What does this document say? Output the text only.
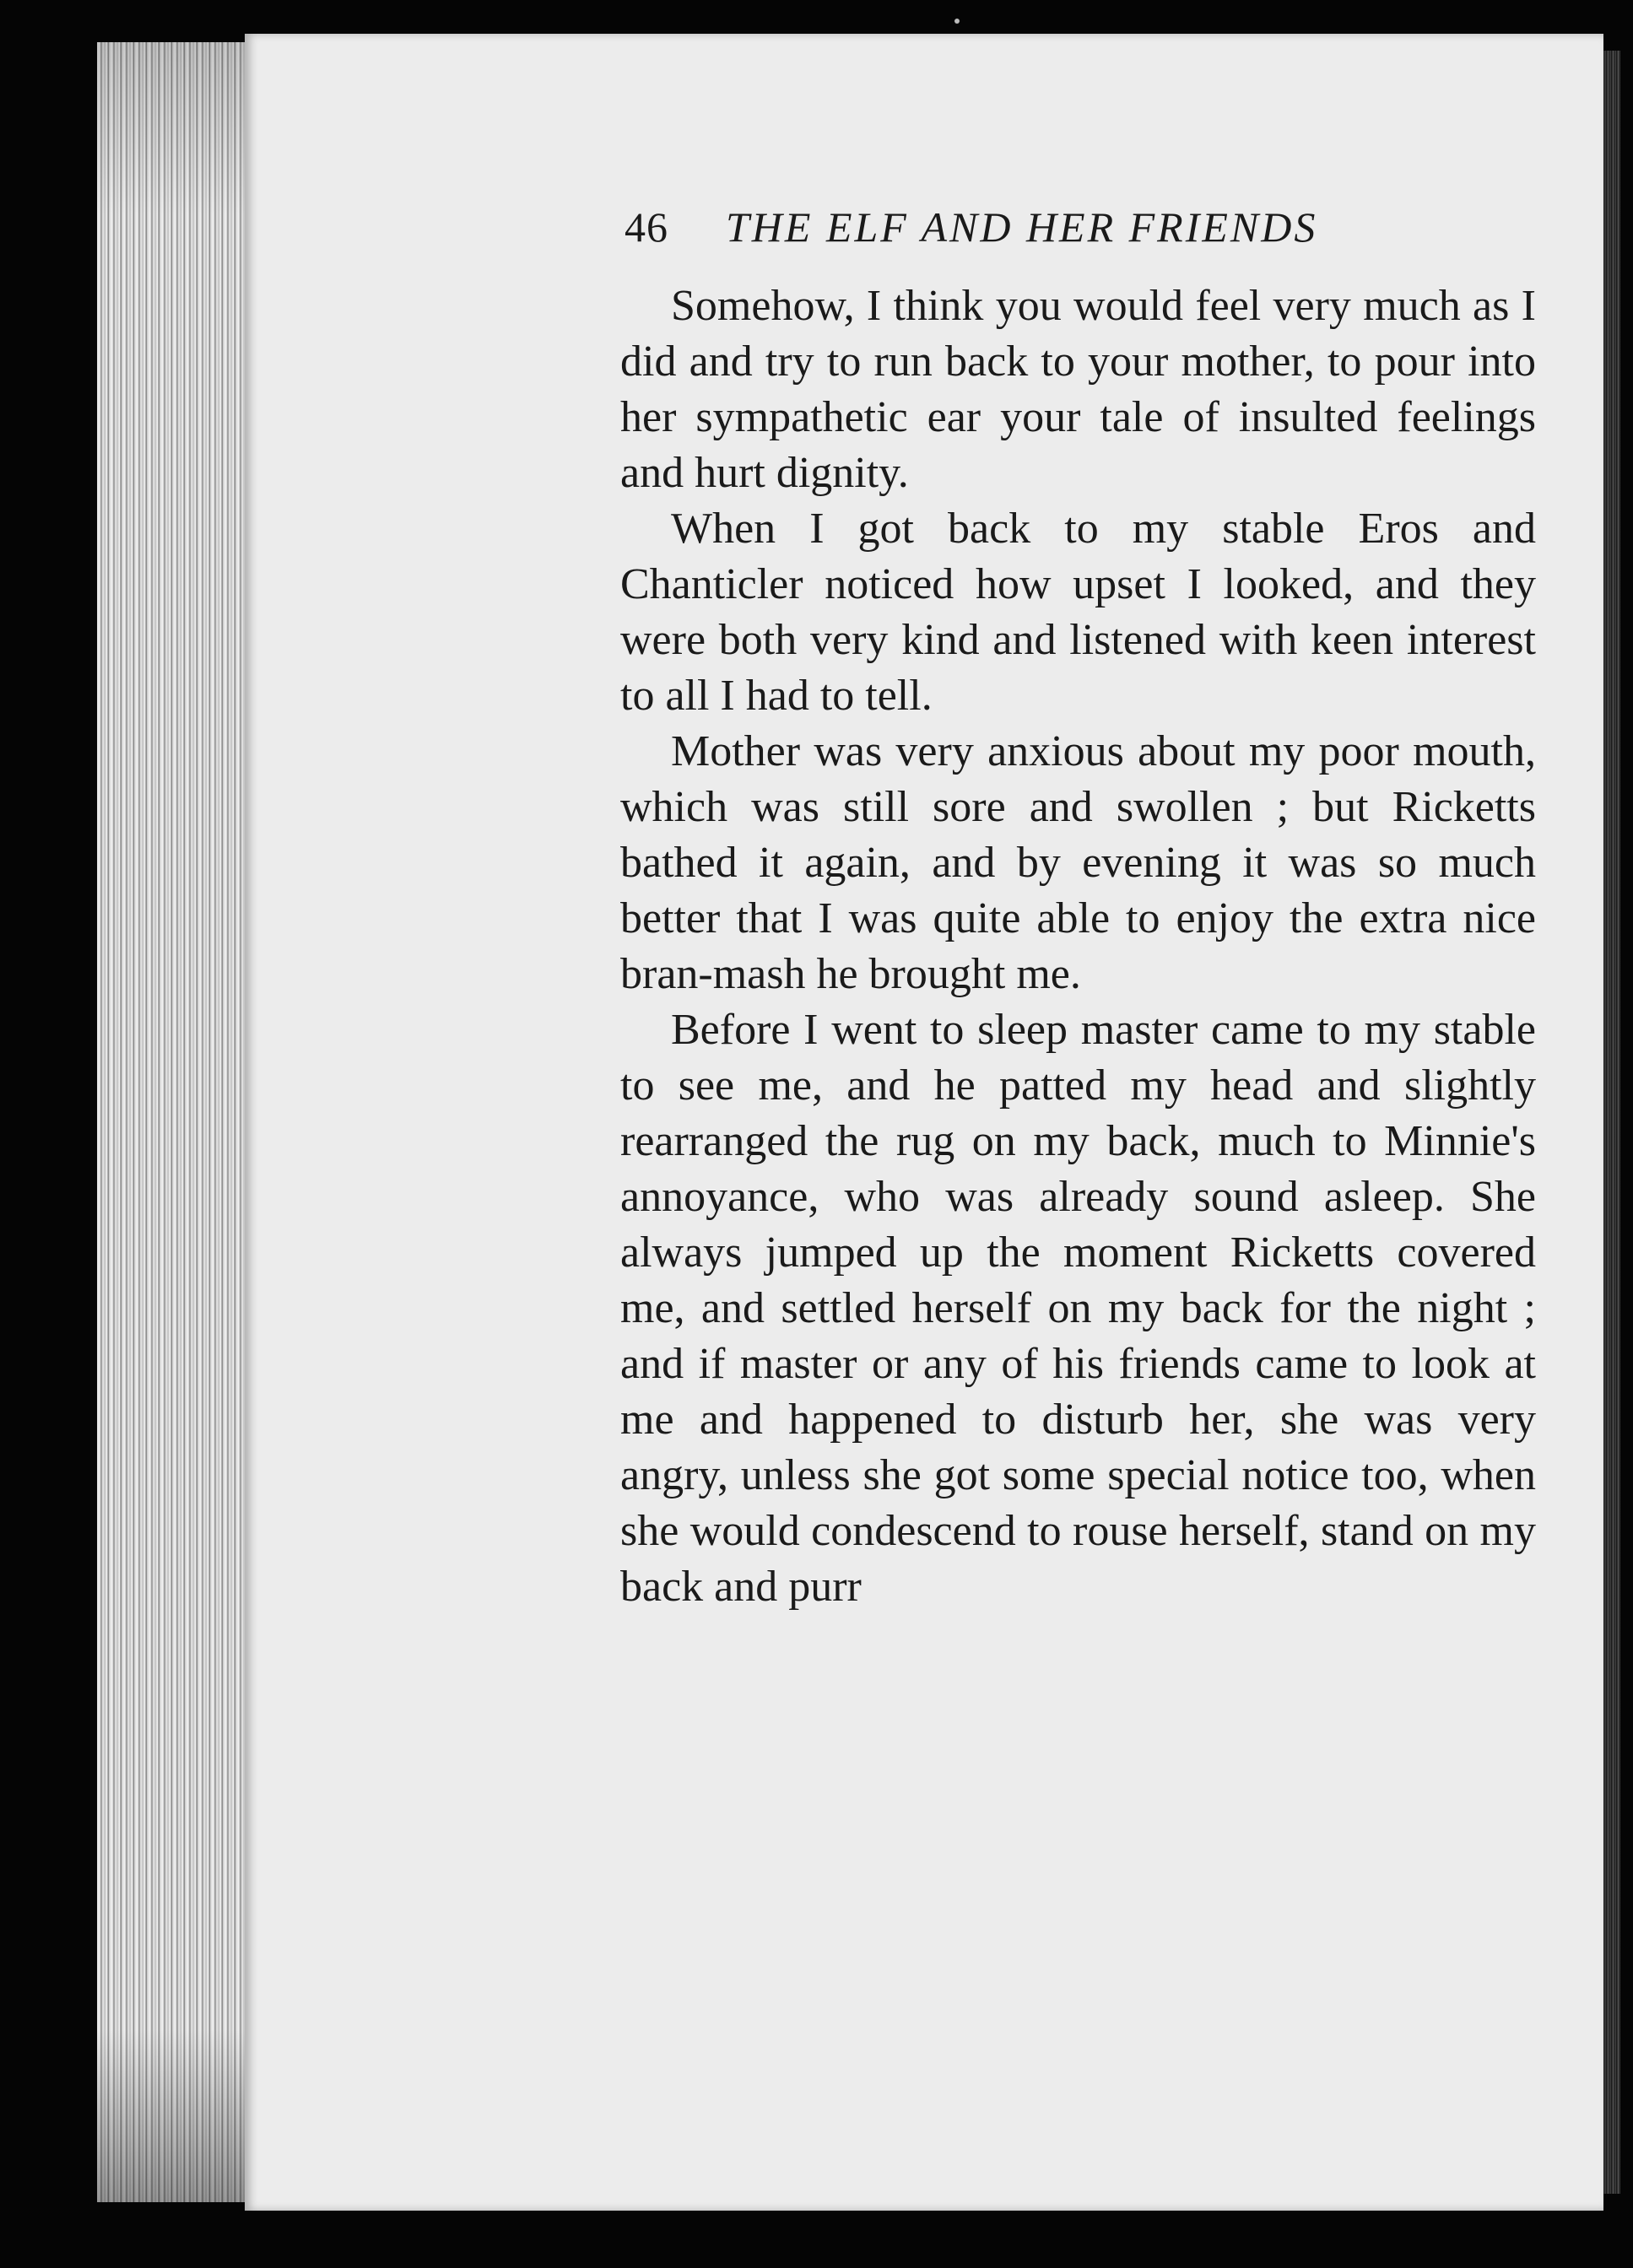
46	THE ELF AND HER FRIENDS

Somehow, I think you would feel very much as I did and try to run back to your mother, to pour into her sympathetic ear your tale of insulted feelings and hurt dignity.

When I got back to my stable Eros and Chanticler noticed how upset I looked, and they were both very kind and listened with keen interest to all I had to tell.

Mother was very anxious about my poor mouth, which was still sore and swollen ; but Ricketts bathed it again, and by evening it was so much better that I was quite able to enjoy the extra nice bran-mash he brought me.

Before I went to sleep master came to my stable to see me, and he patted my head and slightly rearranged the rug on my back, much to Minnie's annoyance, who was already sound asleep. She always jumped up the moment Ricketts covered me, and settled herself on my back for the night ; and if master or any of his friends came to look at me and happened to disturb her, she was very angry, unless she got some special notice too, when she would condescend to rouse herself, stand on my back and purr
